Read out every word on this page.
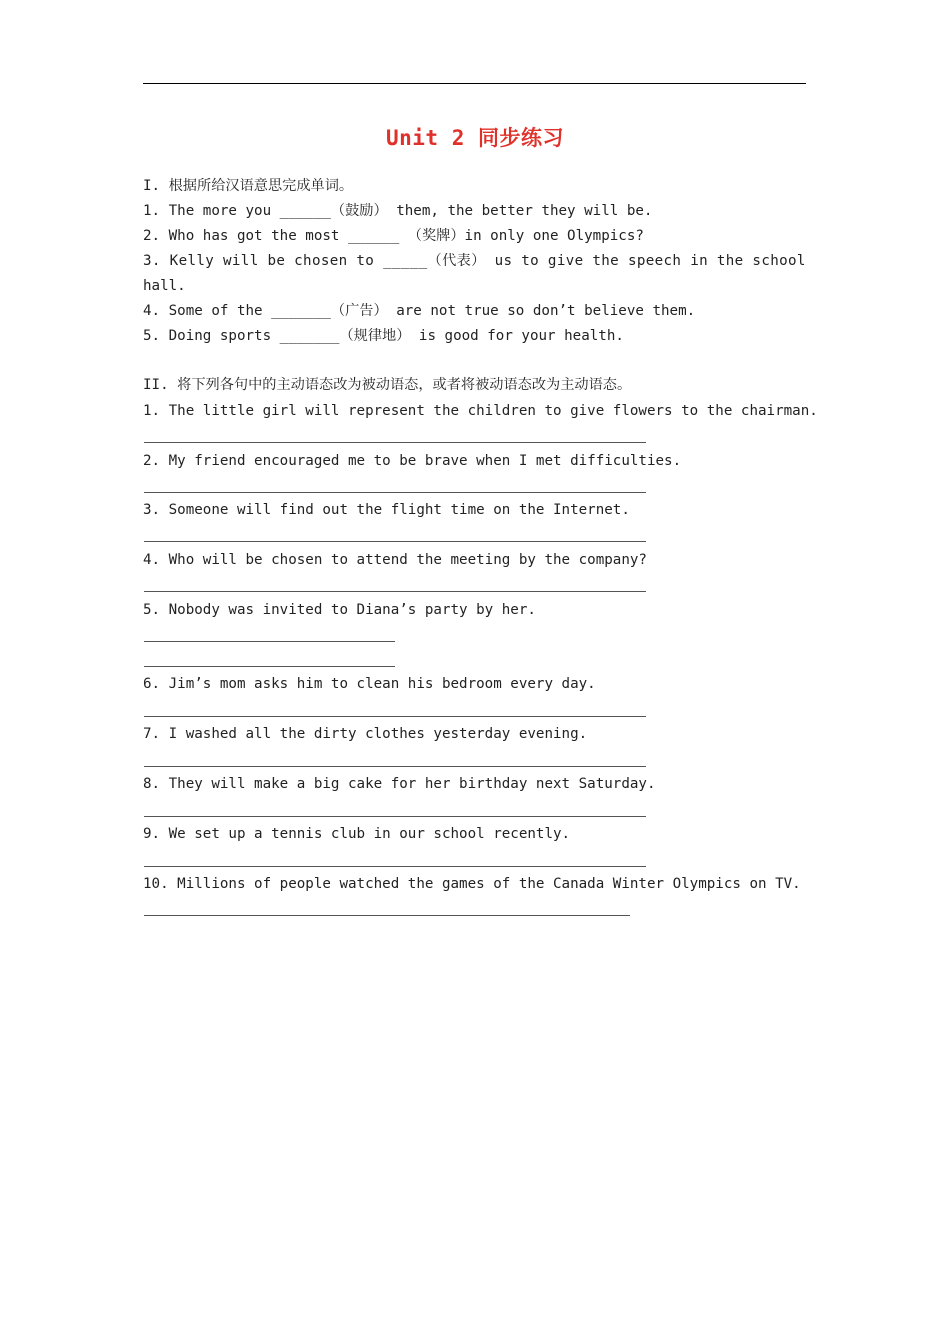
Unit 2 同步练习
I. 根据所给汉语意思完成单词。
1. The more you ______（鼓励） them, the better they will be.
2. Who has got the most ______ （奖牌）in only one Olympics?
3. Kelly will be chosen to _____（代表） us to give the speech in the school
hall.
4. Some of the _______（广告） are not true so don’t believe them.
5. Doing sports _______（规律地） is good for your health.
II. 将下列各句中的主动语态改为被动语态，或者将被动语态改为主动语态。
1. The little girl will represent the children to give flowers to the chairman.
2. My friend encouraged me to be brave when I met difficulties.
3. Someone will find out the flight time on the Internet.
4. Who will be chosen to attend the meeting by the company?
5. Nobody was invited to Diana’s party by her.
6. Jim’s mom asks him to clean his bedroom every day.
7. I washed all the dirty clothes yesterday evening.
8. They will make a big cake for her birthday next Saturday.
9. We set up a tennis club in our school recently.
10. Millions of people watched the games of the Canada Winter Olympics on TV.
